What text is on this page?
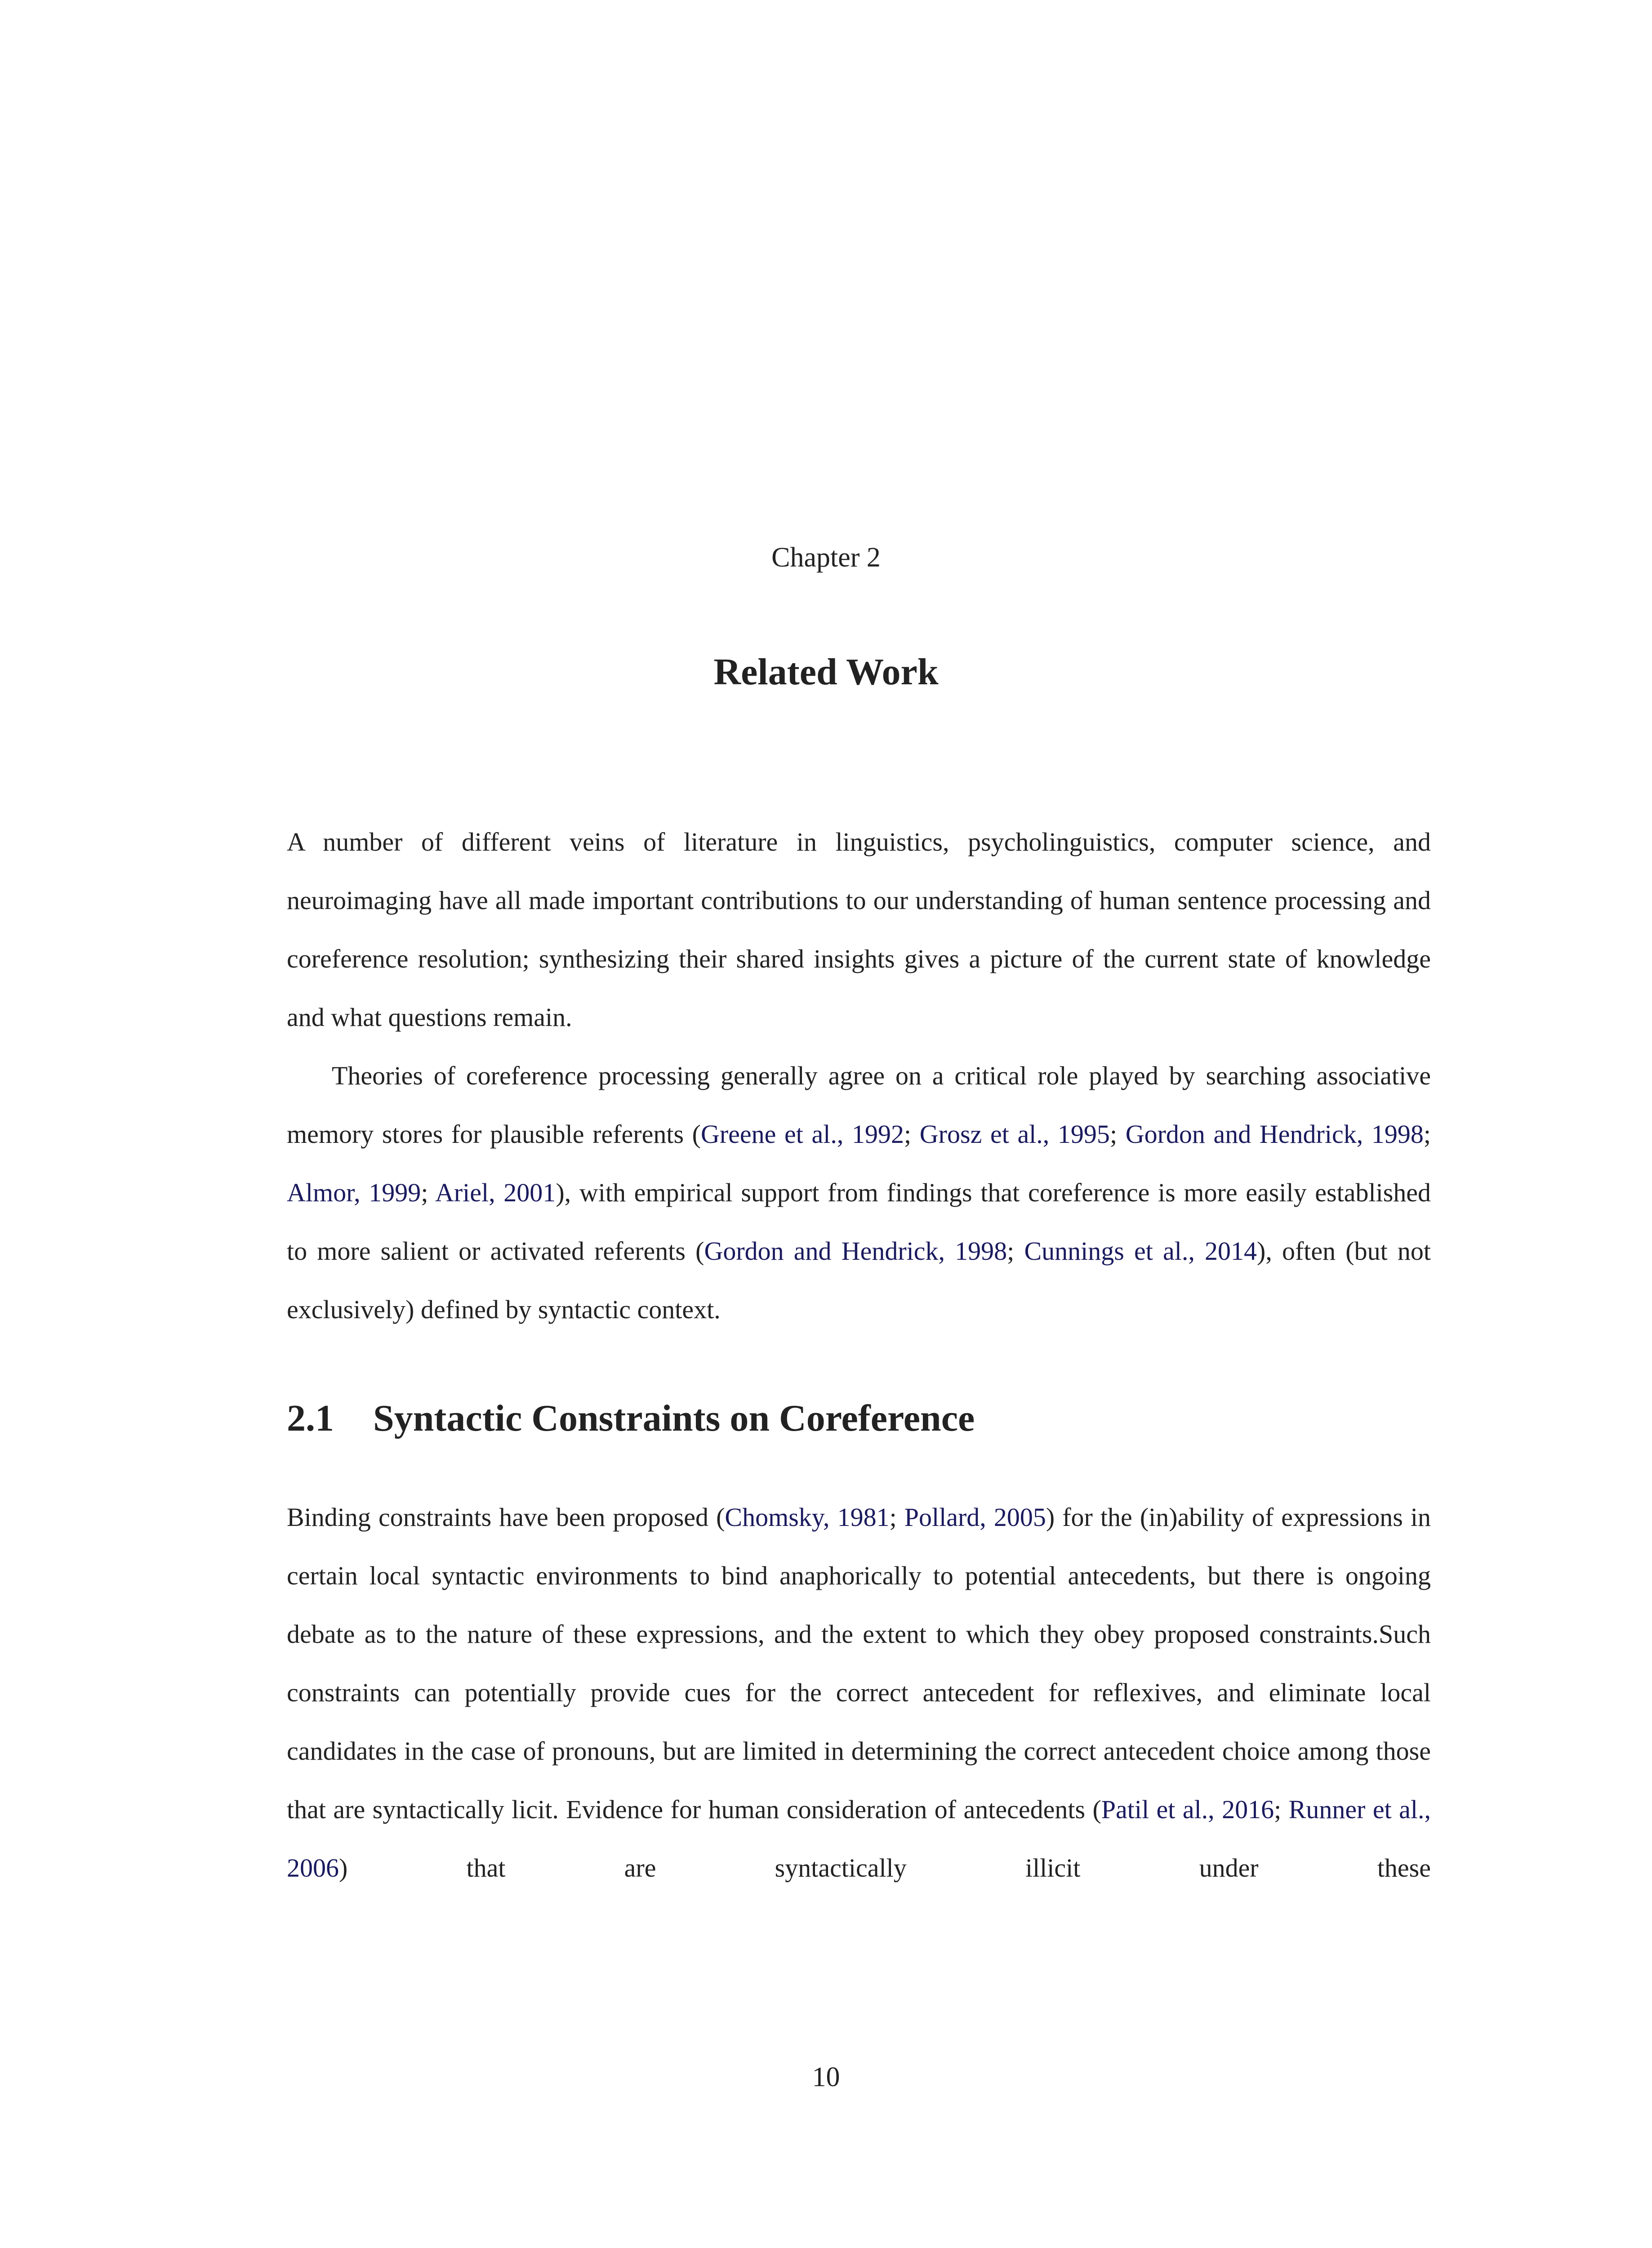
Chapter 2
Related Work

A number of different veins of literature in linguistics, psycholinguistics, computer science, and neuroimaging have all made important contributions to our understanding of human sentence processing and coreference resolution; synthesizing their shared insights gives a picture of the current state of knowledge and what questions remain.

Theories of coreference processing generally agree on a critical role played by searching associative memory stores for plausible referents (Greene et al., 1992; Grosz et al., 1995; Gordon and Hendrick, 1998; Almor, 1999; Ariel, 2001), with empirical support from findings that coreference is more easily established to more salient or activated referents (Gordon and Hendrick, 1998; Cunnings et al., 2014), often (but not exclusively) defined by syntactic context.

2.1 Syntactic Constraints on Coreference

Binding constraints have been proposed (Chomsky, 1981; Pollard, 2005) for the (in)ability of expressions in certain local syntactic environments to bind anaphorically to potential antecedents, but there is ongoing debate as to the nature of these expressions, and the extent to which they obey proposed constraints.Such constraints can potentially provide cues for the correct antecedent for reflexives, and eliminate local candidates in the case of pronouns, but are limited in determining the correct antecedent choice among those that are syntactically licit. Evidence for human consideration of antecedents (Patil et al., 2016; Runner et al., 2006) that are syntactically illicit under these

10
